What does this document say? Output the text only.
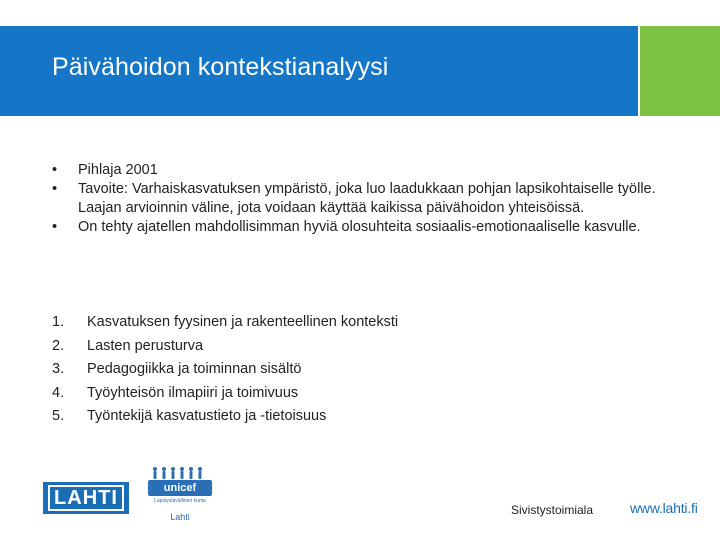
Päivähoidon kontekstianalyysi
•	Pihlaja 2001
•	Tavoite: Varhaiskasvatuksen ympäristö, joka luo laadukkaan pohjan lapsikohtaiselle työlle. Laajan arvioinnin väline, jota voidaan käyttää kaikissa päivähoidon yhteisöissä.
•	On tehty ajatellen mahdollisimman hyviä olosuhteita sosiaalis-emotionaaliselle kasvulle.
1. Kasvatuksen fyysinen ja rakenteellinen konteksti
2. Lasten perusturva
3. Pedagogiikka ja toiminnan sisältö
4. Työyhteisön ilmapiiri ja toimivuus
5. Työntekijä kasvatustieto ja -tietoisuus
LAHTI	unicef
Lapsiystävällinen kunta
Lahti	Sivistystoimiala	www.lahti.fi
